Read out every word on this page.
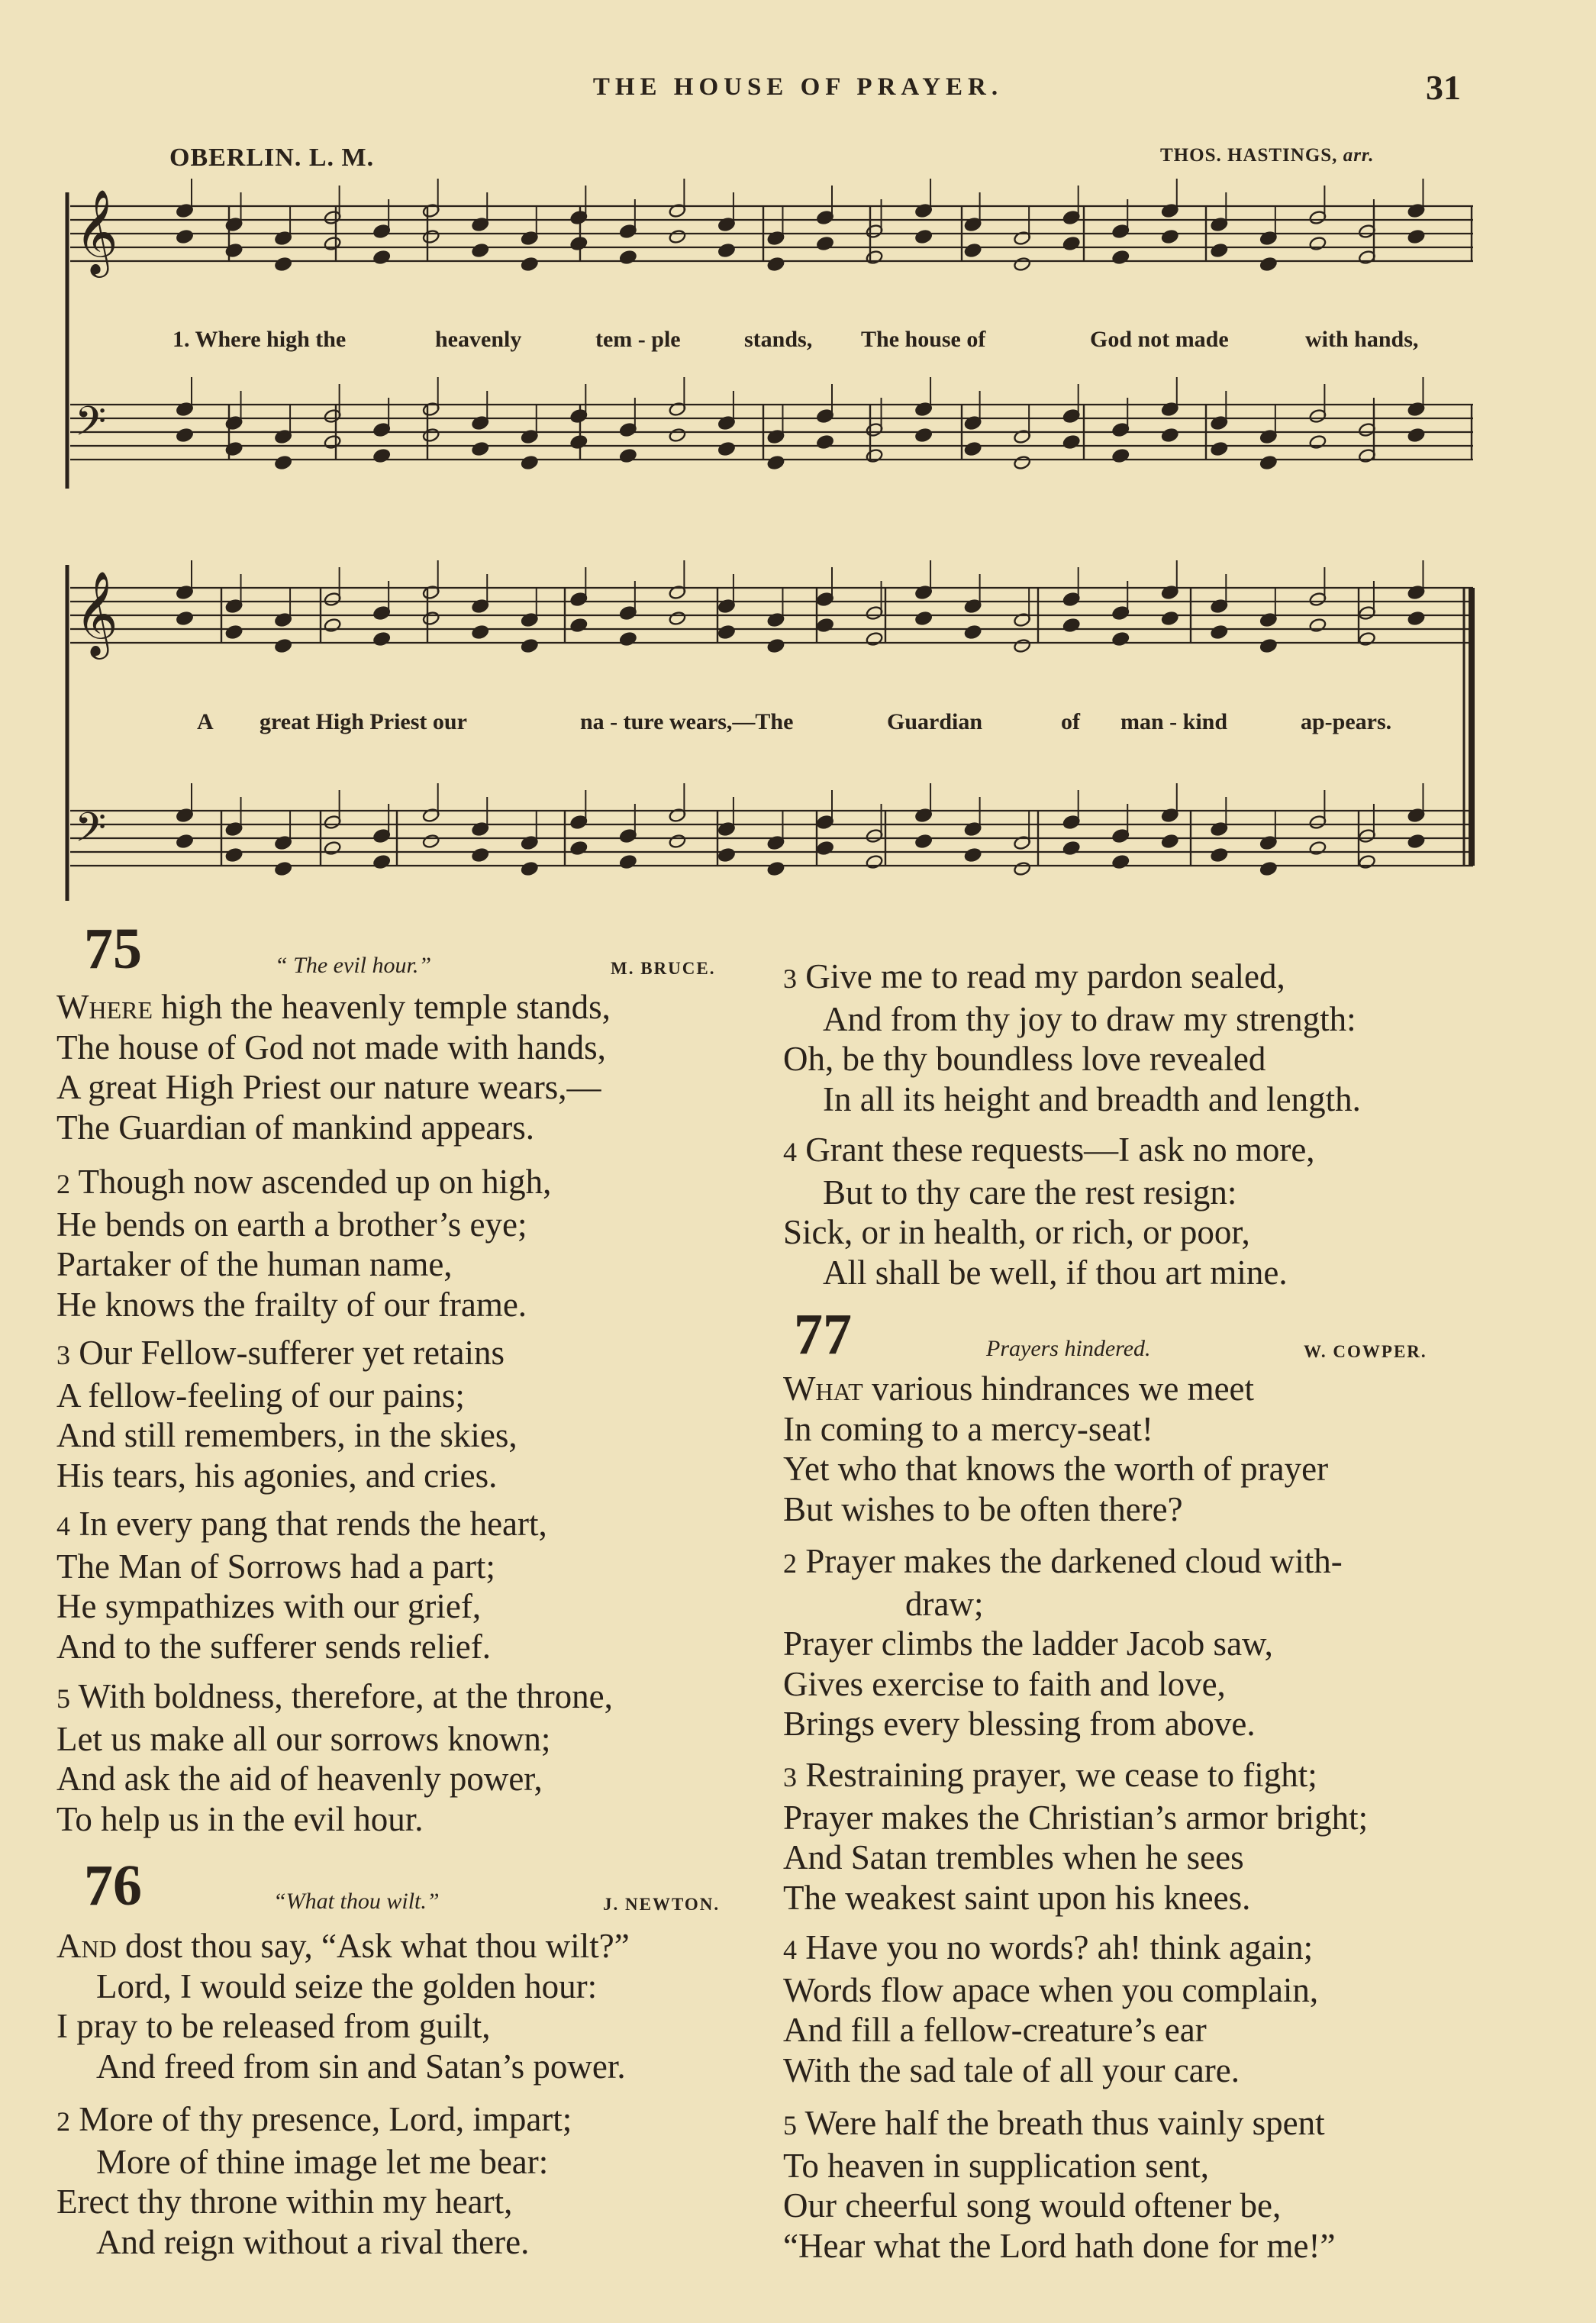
THE HOUSE OF PRAYER.	31
OBERLIN. L. M.	THOS. HASTINGS, arr.
𝄞
𝄢
𝄞
𝄢
1. Where high the	heavenly	tem - ple	stands, The house of	God not made	with hands,
A great High Priest our	na - ture wears,—The	Guardian	of man - kind	ap-pears.
75	“ The evil hour.”	M. BRUCE.
Where high the heavenly temple stands,
The house of God not made with hands,
A great High Priest our nature wears,—
The Guardian of mankind appears.
2 Though now ascended up on high,
He bends on earth a brother’s eye;
Partaker of the human name,
He knows the frailty of our frame.
3 Our Fellow-sufferer yet retains
A fellow-feeling of our pains;
And still remembers, in the skies,
His tears, his agonies, and cries.
4 In every pang that rends the heart,
The Man of Sorrows had a part;
He sympathizes with our grief,
And to the sufferer sends relief.
5 With boldness, therefore, at the throne,
Let us make all our sorrows known;
And ask the aid of heavenly power,
To help us in the evil hour.
76	“What thou wilt.”	J. NEWTON.
And dost thou say, “Ask what thou wilt?”
Lord, I would seize the golden hour:
I pray to be released from guilt,
And freed from sin and Satan’s power.
2 More of thy presence, Lord, impart;
More of thine image let me bear:
Erect thy throne within my heart,
And reign without a rival there.
3 Give me to read my pardon sealed,
And from thy joy to draw my strength:
Oh, be thy boundless love revealed
In all its height and breadth and length.
4 Grant these requests—I ask no more,
But to thy care the rest resign:
Sick, or in health, or rich, or poor,
All shall be well, if thou art mine.
77	Prayers hindered.	W. COWPER.
What various hindrances we meet
In coming to a mercy-seat!
Yet who that knows the worth of prayer
But wishes to be often there?
2 Prayer makes the darkened cloud with-
draw;
Prayer climbs the ladder Jacob saw,
Gives exercise to faith and love,
Brings every blessing from above.
3 Restraining prayer, we cease to fight;
Prayer makes the Christian’s armor bright;
And Satan trembles when he sees
The weakest saint upon his knees.
4 Have you no words? ah! think again;
Words flow apace when you complain,
And fill a fellow-creature’s ear
With the sad tale of all your care.
5 Were half the breath thus vainly spent
To heaven in supplication sent,
Our cheerful song would oftener be,
“Hear what the Lord hath done for me!”
